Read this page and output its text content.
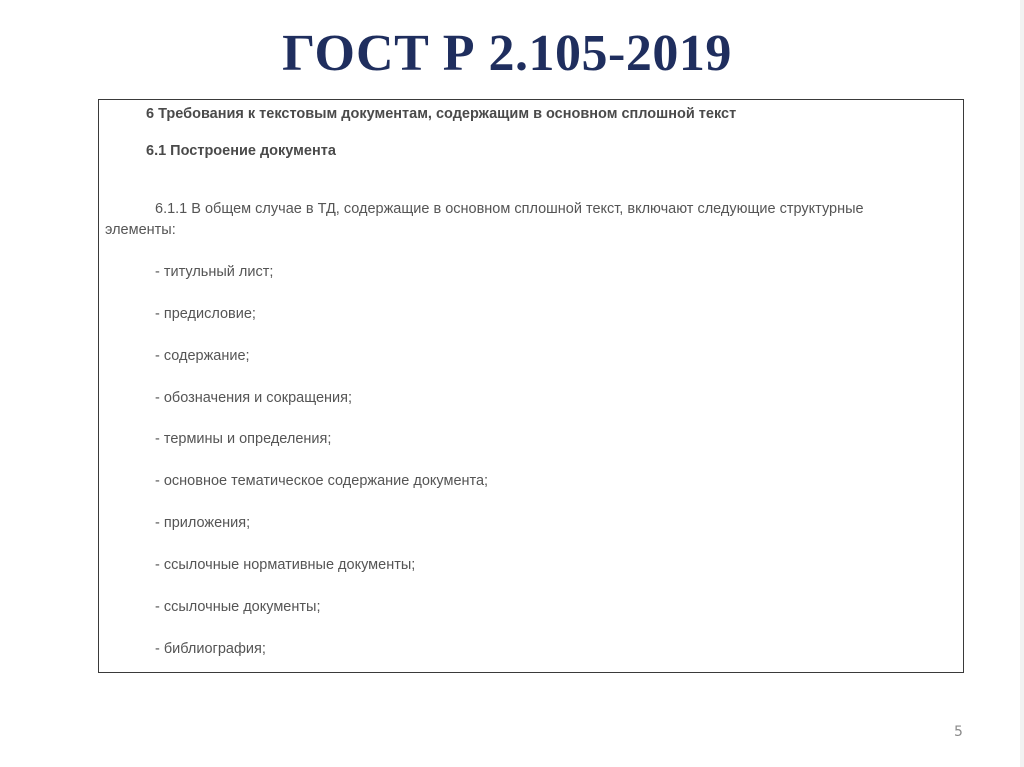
ГОСТ Р 2.105-2019
6 Требования к текстовым документам, содержащим в основном сплошной текст
6.1 Построение документа
6.1.1 В общем случае в ТД, содержащие в основном сплошной текст, включают следующие структурные
элементы:
- титульный лист;
- предисловие;
- содержание;
- обозначения и сокращения;
- термины и определения;
- основное тематическое содержание документа;
- приложения;
- ссылочные нормативные документы;
- ссылочные документы;
- библиография;
5
